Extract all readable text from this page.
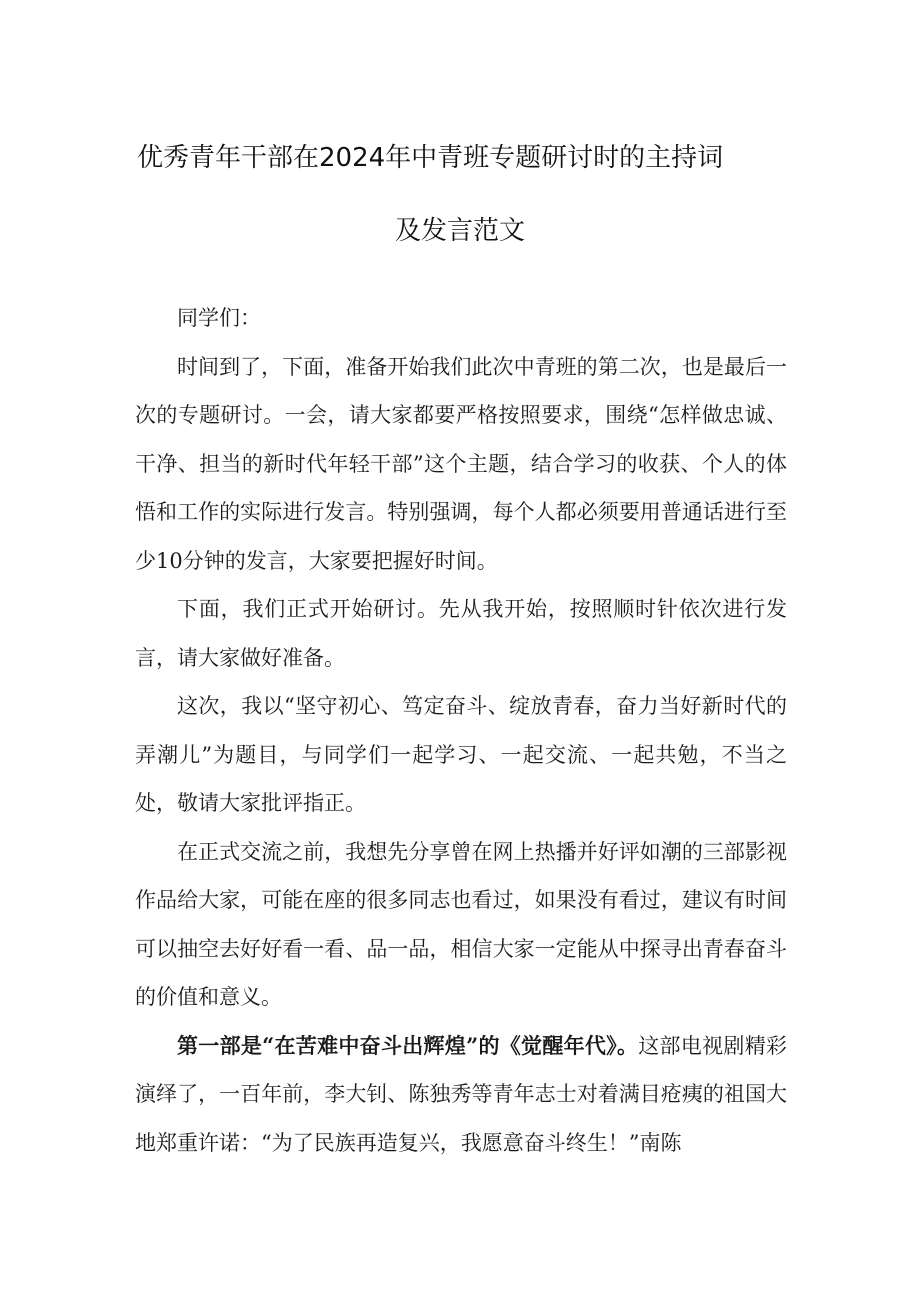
优秀青年干部在2024年中青班专题研讨时的主持词
及发言范文

同学们：

时间到了，下面，准备开始我们此次中青班的第二次，也是最后一次的专题研讨。一会，请大家都要严格按照要求，围绕“怎样做忠诚、干净、担当的新时代年轻干部”这个主题，结合学习的收获、个人的体悟和工作的实际进行发言。特别强调，每个人都必须要用普通话进行至少10分钟的发言，大家要把握好时间。

下面，我们正式开始研讨。先从我开始，按照顺时针依次进行发言，请大家做好准备。

这次，我以“坚守初心、笃定奋斗、绽放青春，奋力当好新时代的弄潮儿”为题目，与同学们一起学习、一起交流、一起共勉，不当之处，敬请大家批评指正。

在正式交流之前，我想先分享曾在网上热播并好评如潮的三部影视作品给大家，可能在座的很多同志也看过，如果没有看过，建议有时间可以抽空去好好看一看、品一品，相信大家一定能从中探寻出青春奋斗的价值和意义。

第一部是“在苦难中奋斗出辉煌”的《觉醒年代》。这部电视剧精彩演绎了，一百年前，李大钊、陈独秀等青年志士对着满目疮痍的祖国大地郑重许诺：“为了民族再造复兴，我愿意奋斗终生！”南陈
